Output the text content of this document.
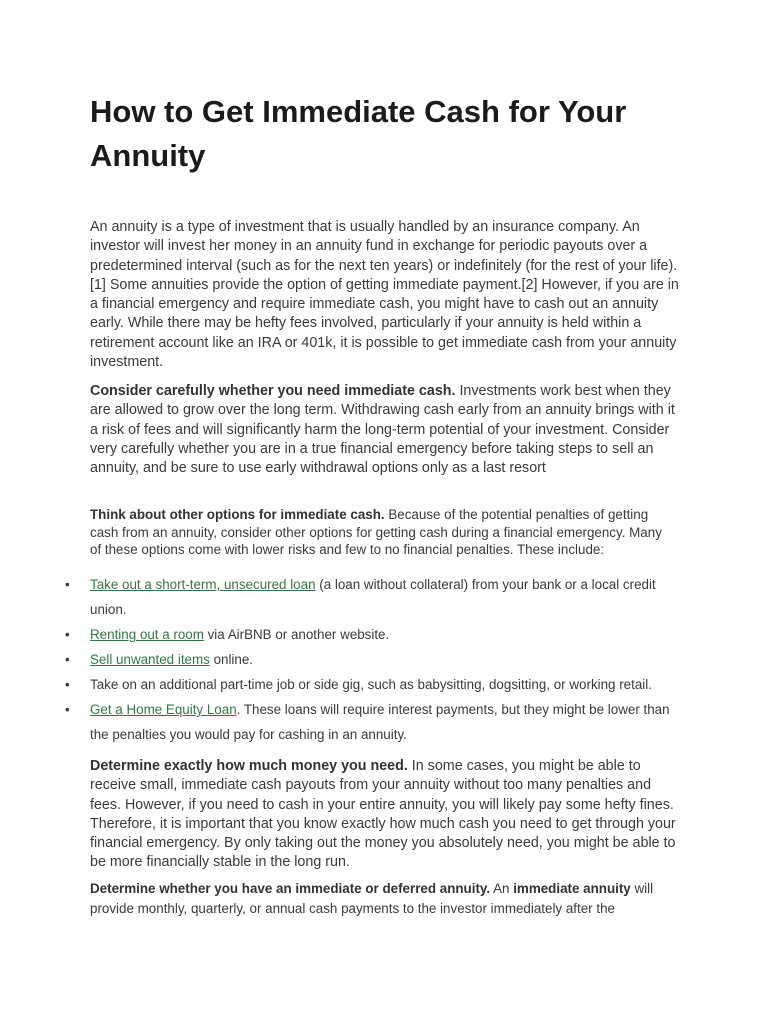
How to Get Immediate Cash for Your Annuity

An annuity is a type of investment that is usually handled by an insurance company. An investor will invest her money in an annuity fund in exchange for periodic payouts over a predetermined interval (such as for the next ten years) or indefinitely (for the rest of your life).[1] Some annuities provide the option of getting immediate payment.[2] However, if you are in a financial emergency and require immediate cash, you might have to cash out an annuity early. While there may be hefty fees involved, particularly if your annuity is held within a retirement account like an IRA or 401k, it is possible to get immediate cash from your annuity investment.

Consider carefully whether you need immediate cash. Investments work best when they are allowed to grow over the long term. Withdrawing cash early from an annuity brings with it a risk of fees and will significantly harm the long-term potential of your investment. Consider very carefully whether you are in a true financial emergency before taking steps to sell an annuity, and be sure to use early withdrawal options only as a last resort

Think about other options for immediate cash. Because of the potential penalties of getting cash from an annuity, consider other options for getting cash during a financial emergency. Many of these options come with lower risks and few to no financial penalties. These include:

• Take out a short-term, unsecured loan (a loan without collateral) from your bank or a local credit union.
• Renting out a room via AirBNB or another website.
• Sell unwanted items online.
• Take on an additional part-time job or side gig, such as babysitting, dogsitting, or working retail.
• Get a Home Equity Loan. These loans will require interest payments, but they might be lower than the penalties you would pay for cashing in an annuity.

Determine exactly how much money you need. In some cases, you might be able to receive small, immediate cash payouts from your annuity without too many penalties and fees. However, if you need to cash in your entire annuity, you will likely pay some hefty fines. Therefore, it is important that you know exactly how much cash you need to get through your financial emergency. By only taking out the money you absolutely need, you might be able to be more financially stable in the long run.

Determine whether you have an immediate or deferred annuity. An immediate annuity will provide monthly, quarterly, or annual cash payments to the investor immediately after the
